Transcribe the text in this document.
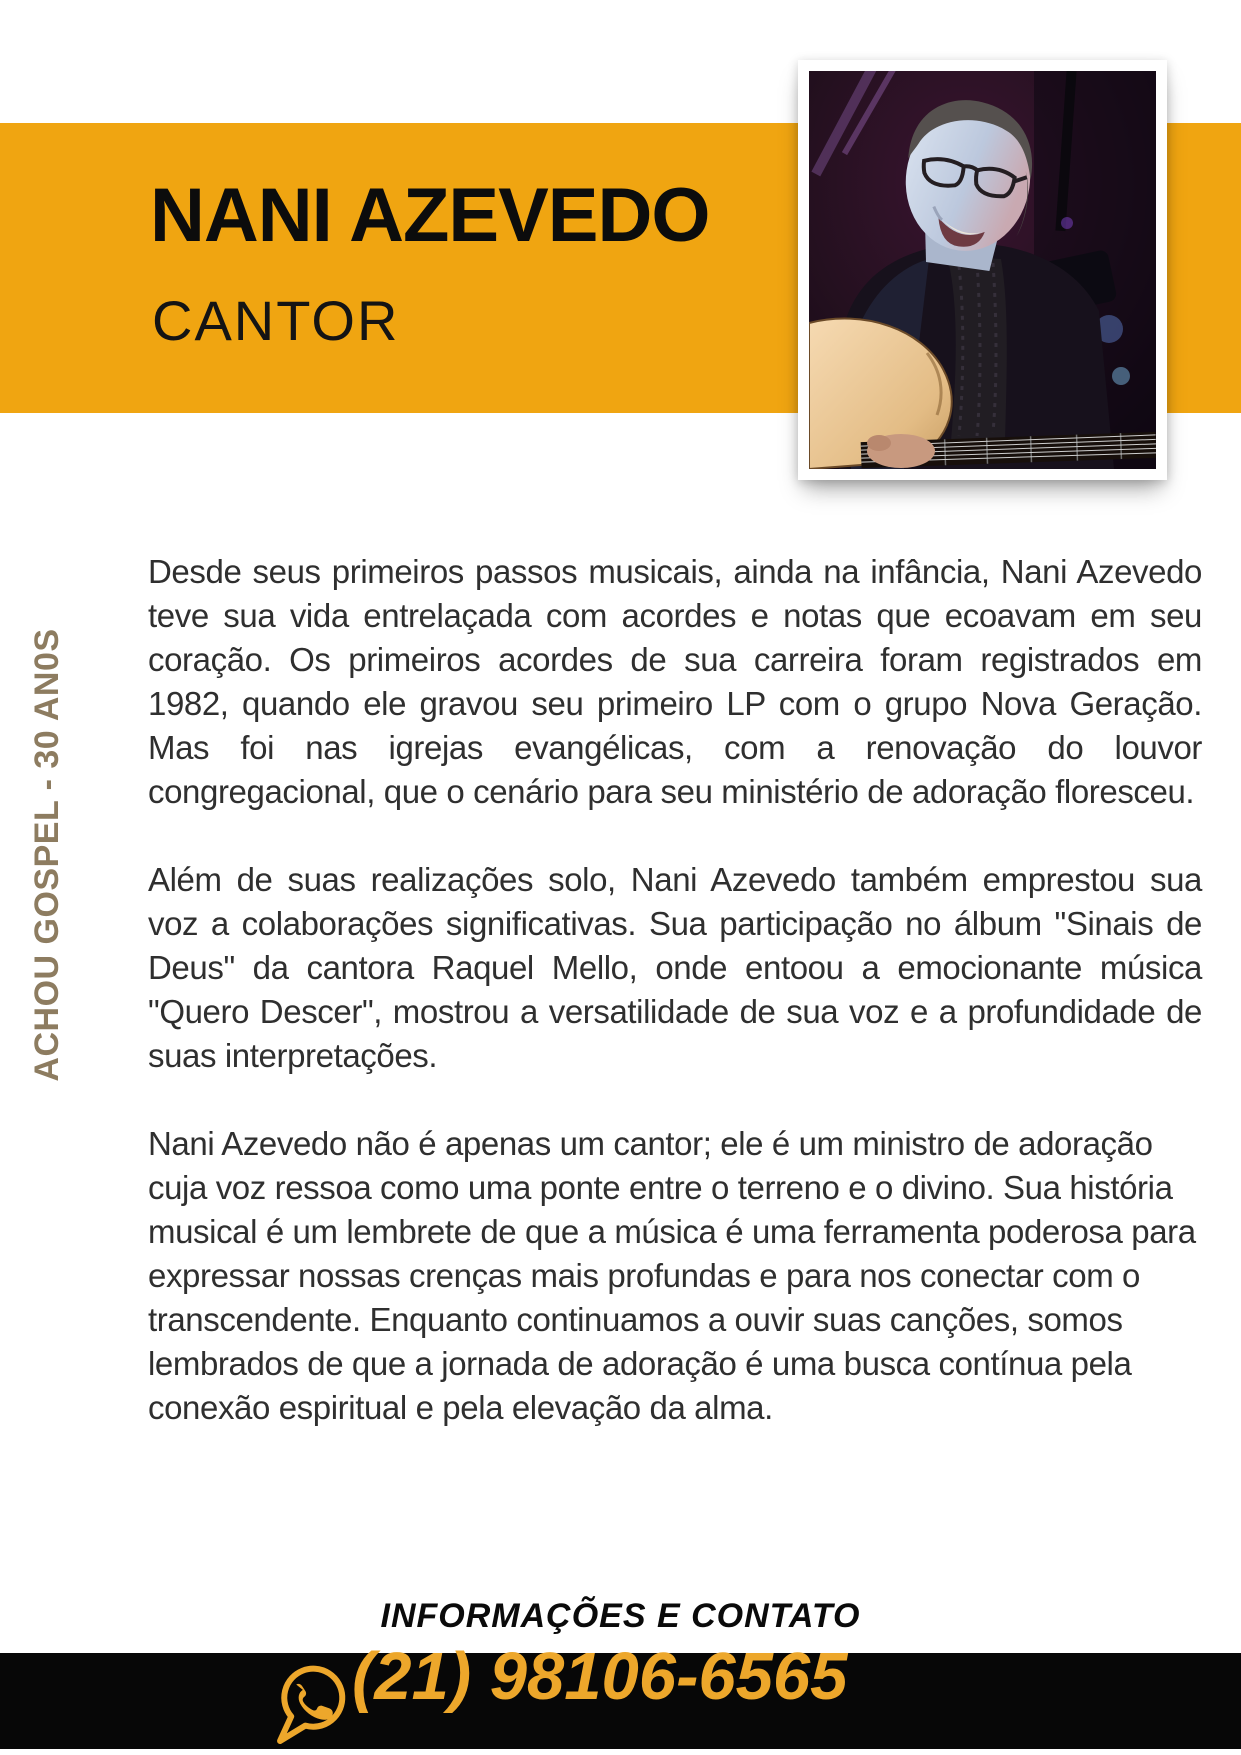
NANI AZEVEDO
CANTOR
ACHOU GOSPEL - 30 AN0S

Desde seus primeiros passos musicais, ainda na infância, Nani Azevedo teve sua vida entrelaçada com acordes e notas que ecoavam em seu coração. Os primeiros acordes de sua carreira foram registrados em 1982, quando ele gravou seu primeiro LP com o grupo Nova Geração. Mas foi nas igrejas evangélicas, com a renovação do louvor congregacional, que o cenário para seu ministério de adoração floresceu.

Além de suas realizações solo, Nani Azevedo também emprestou sua voz a colaborações significativas. Sua participação no álbum "Sinais de Deus" da cantora Raquel Mello, onde entoou a emocionante música "Quero Descer", mostrou a versatilidade de sua voz e a profundidade de suas interpretações.

Nani Azevedo não é apenas um cantor; ele é um ministro de adoração cuja voz ressoa como uma ponte entre o terreno e o divino. Sua história musical é um lembrete de que a música é uma ferramenta poderosa para expressar nossas crenças mais profundas e para nos conectar com o transcendente. Enquanto continuamos a ouvir suas canções, somos lembrados de que a jornada de adoração é uma busca contínua pela conexão espiritual e pela elevação da alma.

INFORMAÇÕES E CONTATO
(21) 98106-6565
